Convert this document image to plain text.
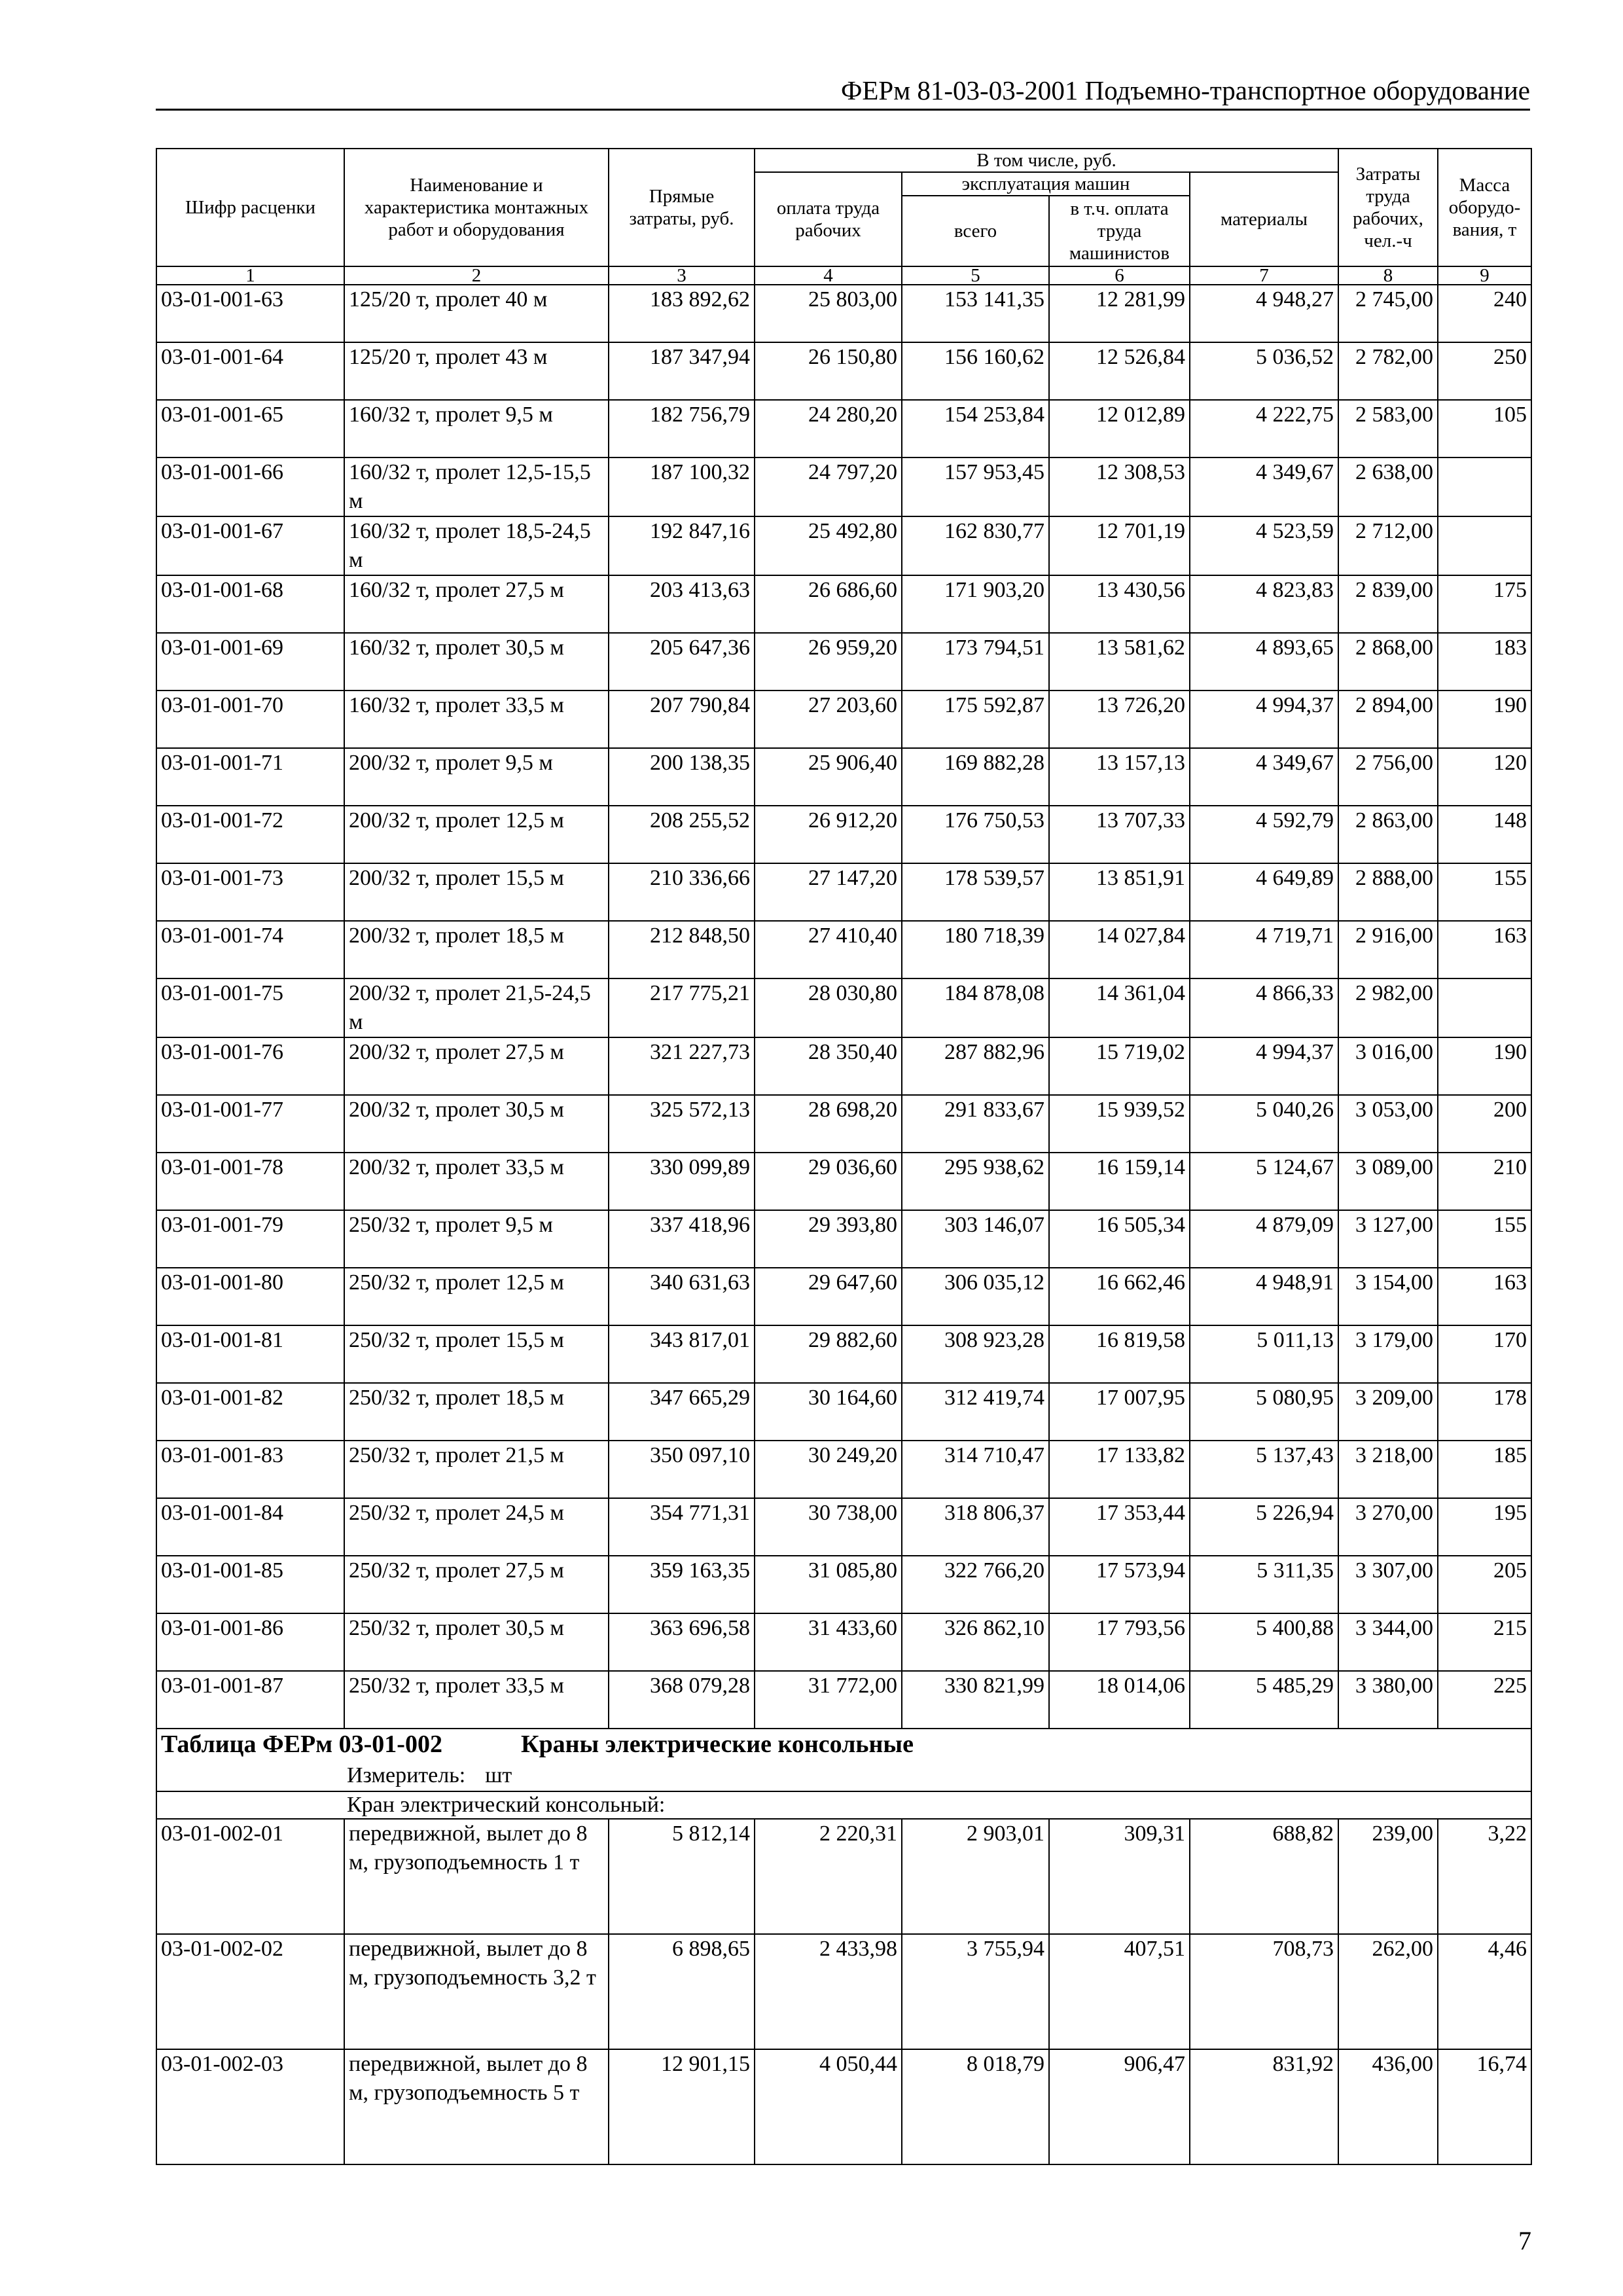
ФЕРм 81-03-03-2001 Подъемно-транспортное оборудование
Шифр расценки	Наименование и характеристика монтажных работ и оборудования	Прямые затраты, руб.	В том числе, руб.				Затраты труда рабочих, чел.-ч	Масса оборудо-вания, т
			оплата труда рабочих	эксплуатация машин		материалы		
				всего	в т.ч. оплата труда машинистов			
1	2	3	4	5	6	7	8	9
03-01-001-63	125/20 т, пролет 40 м	183 892,62	25 803,00	153 141,35	12 281,99	4 948,27	2 745,00	240
03-01-001-64	125/20 т, пролет 43 м	187 347,94	26 150,80	156 160,62	12 526,84	5 036,52	2 782,00	250
03-01-001-65	160/32 т, пролет 9,5 м	182 756,79	24 280,20	154 253,84	12 012,89	4 222,75	2 583,00	105
03-01-001-66	160/32 т, пролет 12,5-15,5 м	187 100,32	24 797,20	157 953,45	12 308,53	4 349,67	2 638,00	
03-01-001-67	160/32 т, пролет 18,5-24,5 м	192 847,16	25 492,80	162 830,77	12 701,19	4 523,59	2 712,00	
03-01-001-68	160/32 т, пролет 27,5 м	203 413,63	26 686,60	171 903,20	13 430,56	4 823,83	2 839,00	175
03-01-001-69	160/32 т, пролет 30,5 м	205 647,36	26 959,20	173 794,51	13 581,62	4 893,65	2 868,00	183
03-01-001-70	160/32 т, пролет 33,5 м	207 790,84	27 203,60	175 592,87	13 726,20	4 994,37	2 894,00	190
03-01-001-71	200/32 т, пролет 9,5 м	200 138,35	25 906,40	169 882,28	13 157,13	4 349,67	2 756,00	120
03-01-001-72	200/32 т, пролет 12,5 м	208 255,52	26 912,20	176 750,53	13 707,33	4 592,79	2 863,00	148
03-01-001-73	200/32 т, пролет 15,5 м	210 336,66	27 147,20	178 539,57	13 851,91	4 649,89	2 888,00	155
03-01-001-74	200/32 т, пролет 18,5 м	212 848,50	27 410,40	180 718,39	14 027,84	4 719,71	2 916,00	163
03-01-001-75	200/32 т, пролет 21,5-24,5 м	217 775,21	28 030,80	184 878,08	14 361,04	4 866,33	2 982,00	
03-01-001-76	200/32 т, пролет 27,5 м	321 227,73	28 350,40	287 882,96	15 719,02	4 994,37	3 016,00	190
03-01-001-77	200/32 т, пролет 30,5 м	325 572,13	28 698,20	291 833,67	15 939,52	5 040,26	3 053,00	200
03-01-001-78	200/32 т, пролет 33,5 м	330 099,89	29 036,60	295 938,62	16 159,14	5 124,67	3 089,00	210
03-01-001-79	250/32 т, пролет 9,5 м	337 418,96	29 393,80	303 146,07	16 505,34	4 879,09	3 127,00	155
03-01-001-80	250/32 т, пролет 12,5 м	340 631,63	29 647,60	306 035,12	16 662,46	4 948,91	3 154,00	163
03-01-001-81	250/32 т, пролет 15,5 м	343 817,01	29 882,60	308 923,28	16 819,58	5 011,13	3 179,00	170
03-01-001-82	250/32 т, пролет 18,5 м	347 665,29	30 164,60	312 419,74	17 007,95	5 080,95	3 209,00	178
03-01-001-83	250/32 т, пролет 21,5 м	350 097,10	30 249,20	314 710,47	17 133,82	5 137,43	3 218,00	185
03-01-001-84	250/32 т, пролет 24,5 м	354 771,31	30 738,00	318 806,37	17 353,44	5 226,94	3 270,00	195
03-01-001-85	250/32 т, пролет 27,5 м	359 163,35	31 085,80	322 766,20	17 573,94	5 311,35	3 307,00	205
03-01-001-86	250/32 т, пролет 30,5 м	363 696,58	31 433,60	326 862,10	17 793,56	5 400,88	3 344,00	215
03-01-001-87	250/32 т, пролет 33,5 м	368 079,28	31 772,00	330 821,99	18 014,06	5 485,29	3 380,00	225
Таблица ФЕРм 03-01-002 Краны электрические консольные
Измеритель: шт								
Кран электрический консольный:								
03-01-002-01	передвижной, вылет до 8 м, грузоподъемность 1 т	5 812,14	2 220,31	2 903,01	309,31	688,82	239,00	3,22
03-01-002-02	передвижной, вылет до 8 м, грузоподъемность 3,2 т	6 898,65	2 433,98	3 755,94	407,51	708,73	262,00	4,46
03-01-002-03	передвижной, вылет до 8 м, грузоподъемность 5 т	12 901,15	4 050,44	8 018,79	906,47	831,92	436,00	16,74
7
